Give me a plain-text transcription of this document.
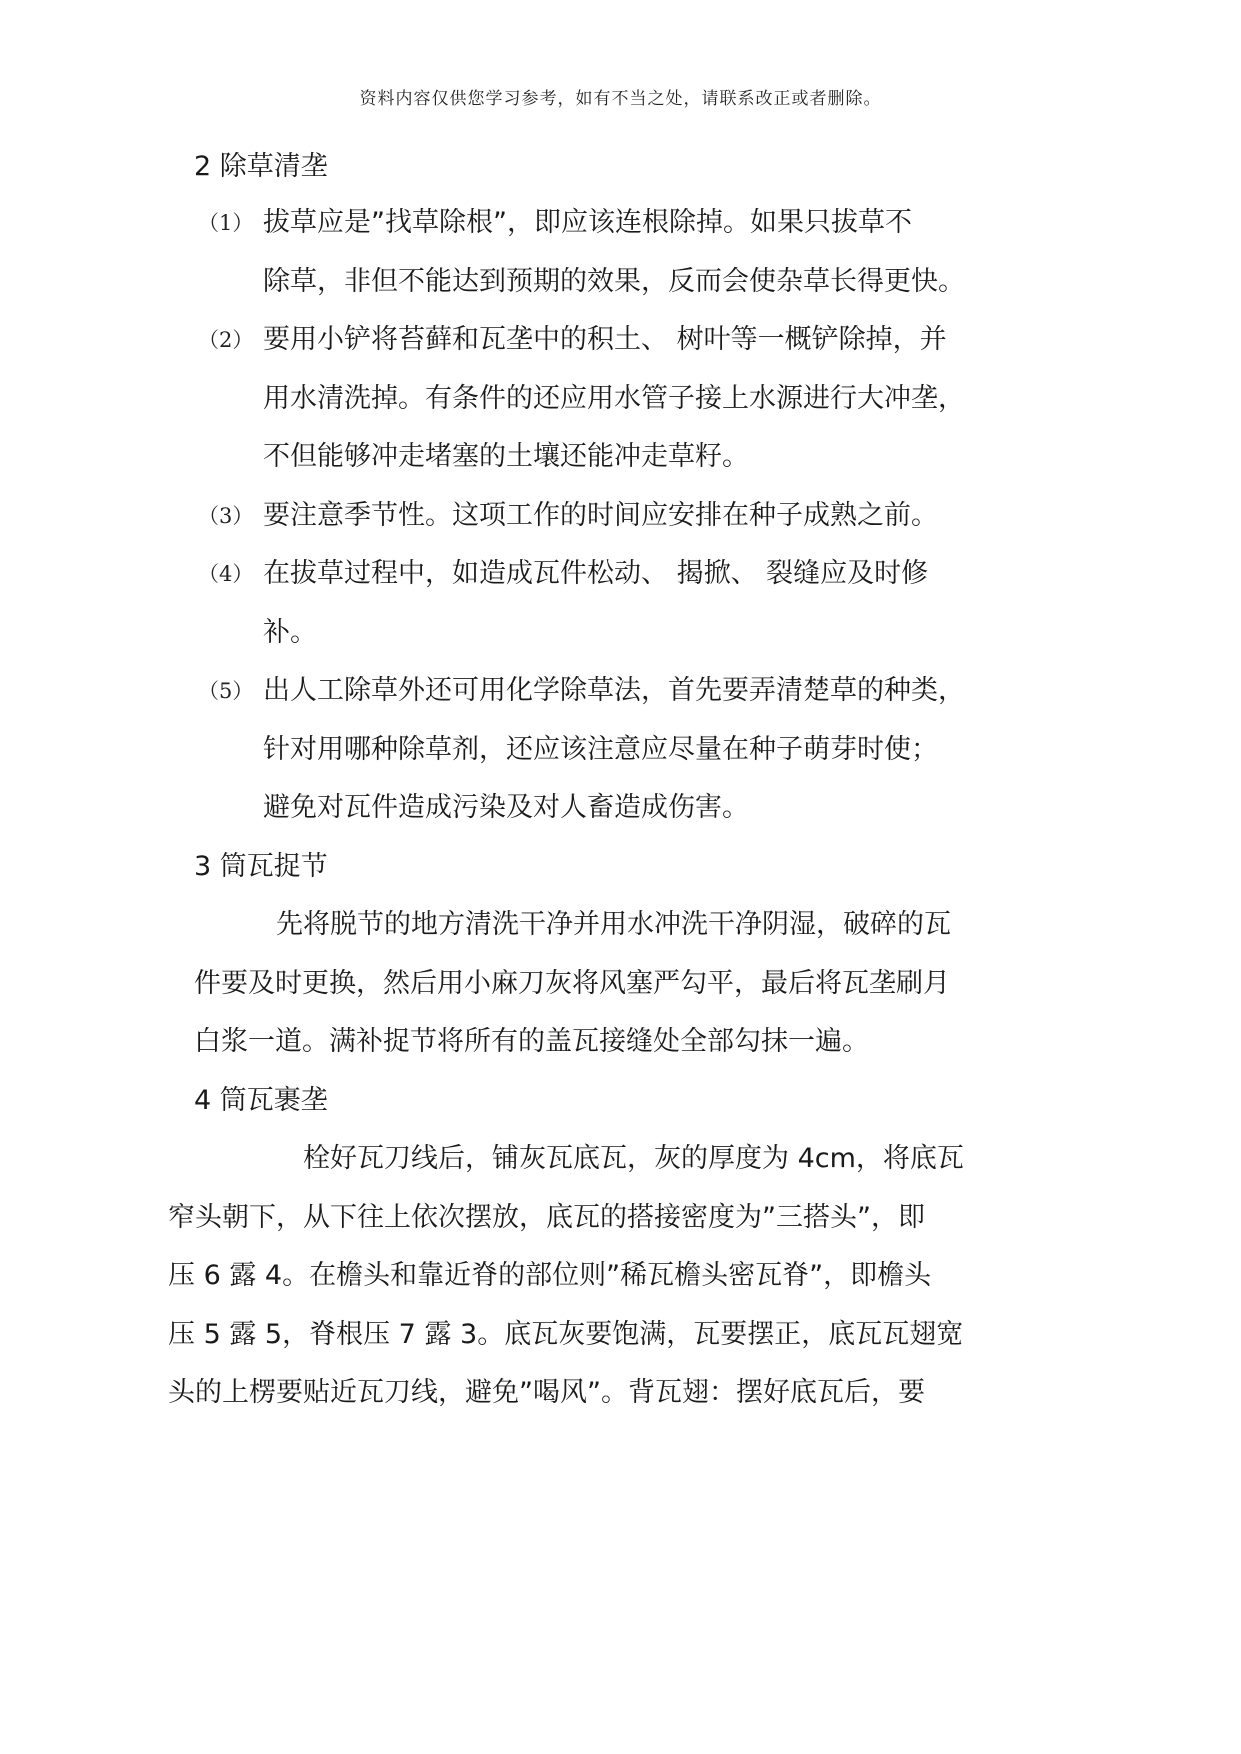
资料内容仅供您学习参考，如有不当之处，请联系改正或者删除。
2 除草清垄
（1） 拔草应是”找草除根”，即应该连根除掉。如果只拔草不
除草，非但不能达到预期的效果，反而会使杂草长得更快。
（2） 要用小铲将苔藓和瓦垄中的积土、 树叶等一概铲除掉，并
用水清洗掉。有条件的还应用水管子接上水源进行大冲垄，
不但能够冲走堵塞的土壤还能冲走草籽。
（3） 要注意季节性。这项工作的时间应安排在种子成熟之前。
（4） 在拔草过程中，如造成瓦件松动、 揭掀、 裂缝应及时修
补。
（5） 出人工除草外还可用化学除草法，首先要弄清楚草的种类，
针对用哪种除草剂，还应该注意应尽量在种子萌芽时使；
避免对瓦件造成污染及对人畜造成伤害。
3 筒瓦捉节
先将脱节的地方清洗干净并用水冲洗干净阴湿，破碎的瓦
件要及时更换，然后用小麻刀灰将风塞严勾平，最后将瓦垄刷月
白浆一道。满补捉节将所有的盖瓦接缝处全部勾抹一遍。
4 筒瓦裹垄
栓好瓦刀线后，铺灰瓦底瓦，灰的厚度为 4cm，将底瓦
窄头朝下，从下往上依次摆放，底瓦的搭接密度为”三搭头”，即
压 6 露 4。在檐头和靠近脊的部位则”稀瓦檐头密瓦脊”，即檐头
压 5 露 5，脊根压 7 露 3。底瓦灰要饱满，瓦要摆正，底瓦瓦翅宽
头的上楞要贴近瓦刀线，避免”喝风”。背瓦翅：摆好底瓦后，要
